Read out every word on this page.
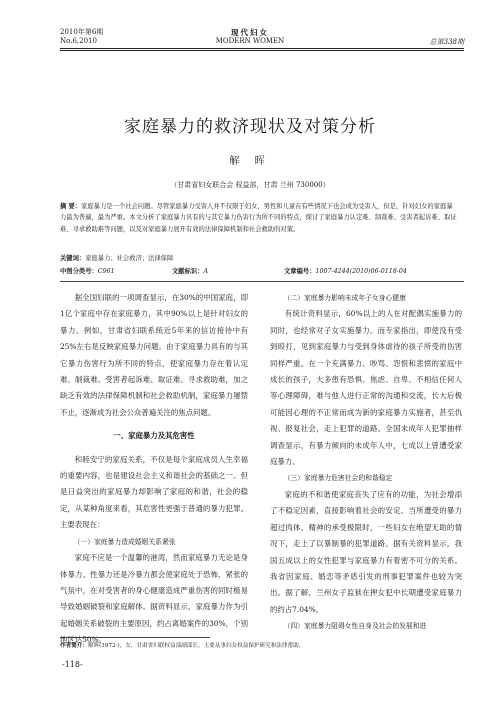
2010年第6期
No.6,2010
现代妇女
MODERN WOMEN	总第338期
家庭暴力的救济现状及对策分析
解 晖
（甘肃省妇女联合会 权益部，甘肃 兰州 730000）
摘 要：家庭暴力是一个社会问题。尽管家庭暴力受害人并不仅限于妇女，男性和儿童在有些情况下也会成为受害人，但是，针对妇女的家庭暴力最为普遍，最为严重。本文分析了家庭暴力具有的与其它暴力伤害行为所不同的特点，探讨了家庭暴力认定难、制裁难、受害者起诉难、取证难、寻求救助难等问题，以及对家庭暴力展开有效的法律保障机制和社会救助的对策。
关键词：家庭暴力；社会救济；法律保障
中图分类号：C961	文献标识：A	文章编号：1007-4244(2010)06-0118-04

据全国妇联的一项调查显示，在30%的中国家庭，即1亿个家庭中存在家庭暴力，其中90%以上是针对妇女的暴力。例如，甘肃省妇联系统近5年来的信访接待中有25%左右是反映家庭暴力问题。由于家庭暴力具有的与其它暴力伤害行为所不同的特点，使家庭暴力存在着认定难、制裁难、受害者起诉难、取证难、寻求救助难，加之缺乏有效的法律保障机制和社会救助机制，家庭暴力屡禁不止，逐渐成为社会公众普遍关注的焦点问题。

一、家庭暴力及其危害性

和睦安宁的家庭关系，不仅是每个家庭成员人生幸福的重要内容，也是建设社会主义和谐社会的基础之一。但是日益突出的家庭暴力却影响了家庭的和谐，社会的稳定，从某种角度来看，其危害性更强于普通的暴力犯罪。主要表现在：

（一）家庭暴力造成婚姻关系紧张

家庭不应是一个温馨的港湾，然而家庭暴力无论是身体暴力、性暴力还是冷暴力都会使家庭处于恐怖、紧张的气氛中，在对受害者的身心健康造成严重伤害的同时极易导致婚姻破裂和家庭解体。据资料显示，家庭暴力作为引起婚姻关系破裂的主要原因，约占离婚案件的30%，个别地区达50%。

（二）家庭暴力影响未成年子女身心健康

有统计资料显示，60%以上的人在对配偶实施暴力的同时，也经常对子女实施暴力。而专家指出，即使没有受到殴打，见到家庭暴力与受到身体虐待的孩子所受的伤害同样严重。在一个充满暴力、吵骂、怨恨和悲愤的家庭中成长的孩子，大多患有恐惧、焦虑、自卑、不相信任何人等心理障碍，难与他人进行正常的沟通和交流，长大后极可能因心理的不正常而成为新的家庭暴力实施者，甚至仇视、报复社会，走上犯罪的道路。全国未成年人犯罪抽样调查显示，有暴力倾向的未成年人中，七成以上曾遭受家庭暴力。

（三）家庭暴力危害社会的和谐稳定

家庭的不和谐使家庭丧失了应有的功能，为社会增添了不稳定因素，直接影响着社会的安定。当所遭受的暴力超过肉体、精神的承受极限时，一些妇女在绝望无助的情况下，走上了以暴制暴的犯罪道路。据有关资料显示，我国五成以上的女性犯罪与家庭暴力有着密不可分的关系。我省因家庭、婚恋等矛盾引发的刑事犯罪案件也较为突出。据了解，兰州女子监狱在押女犯中长期遭受家庭暴力的约占7.04%。

（四）家庭暴力阻碍女性自身及社会的发展和进

作者简介：解晖(1972-)，女，甘肃省妇联权益部副部长，主要从事妇女权益保护研究和法律帮助。
-118-
